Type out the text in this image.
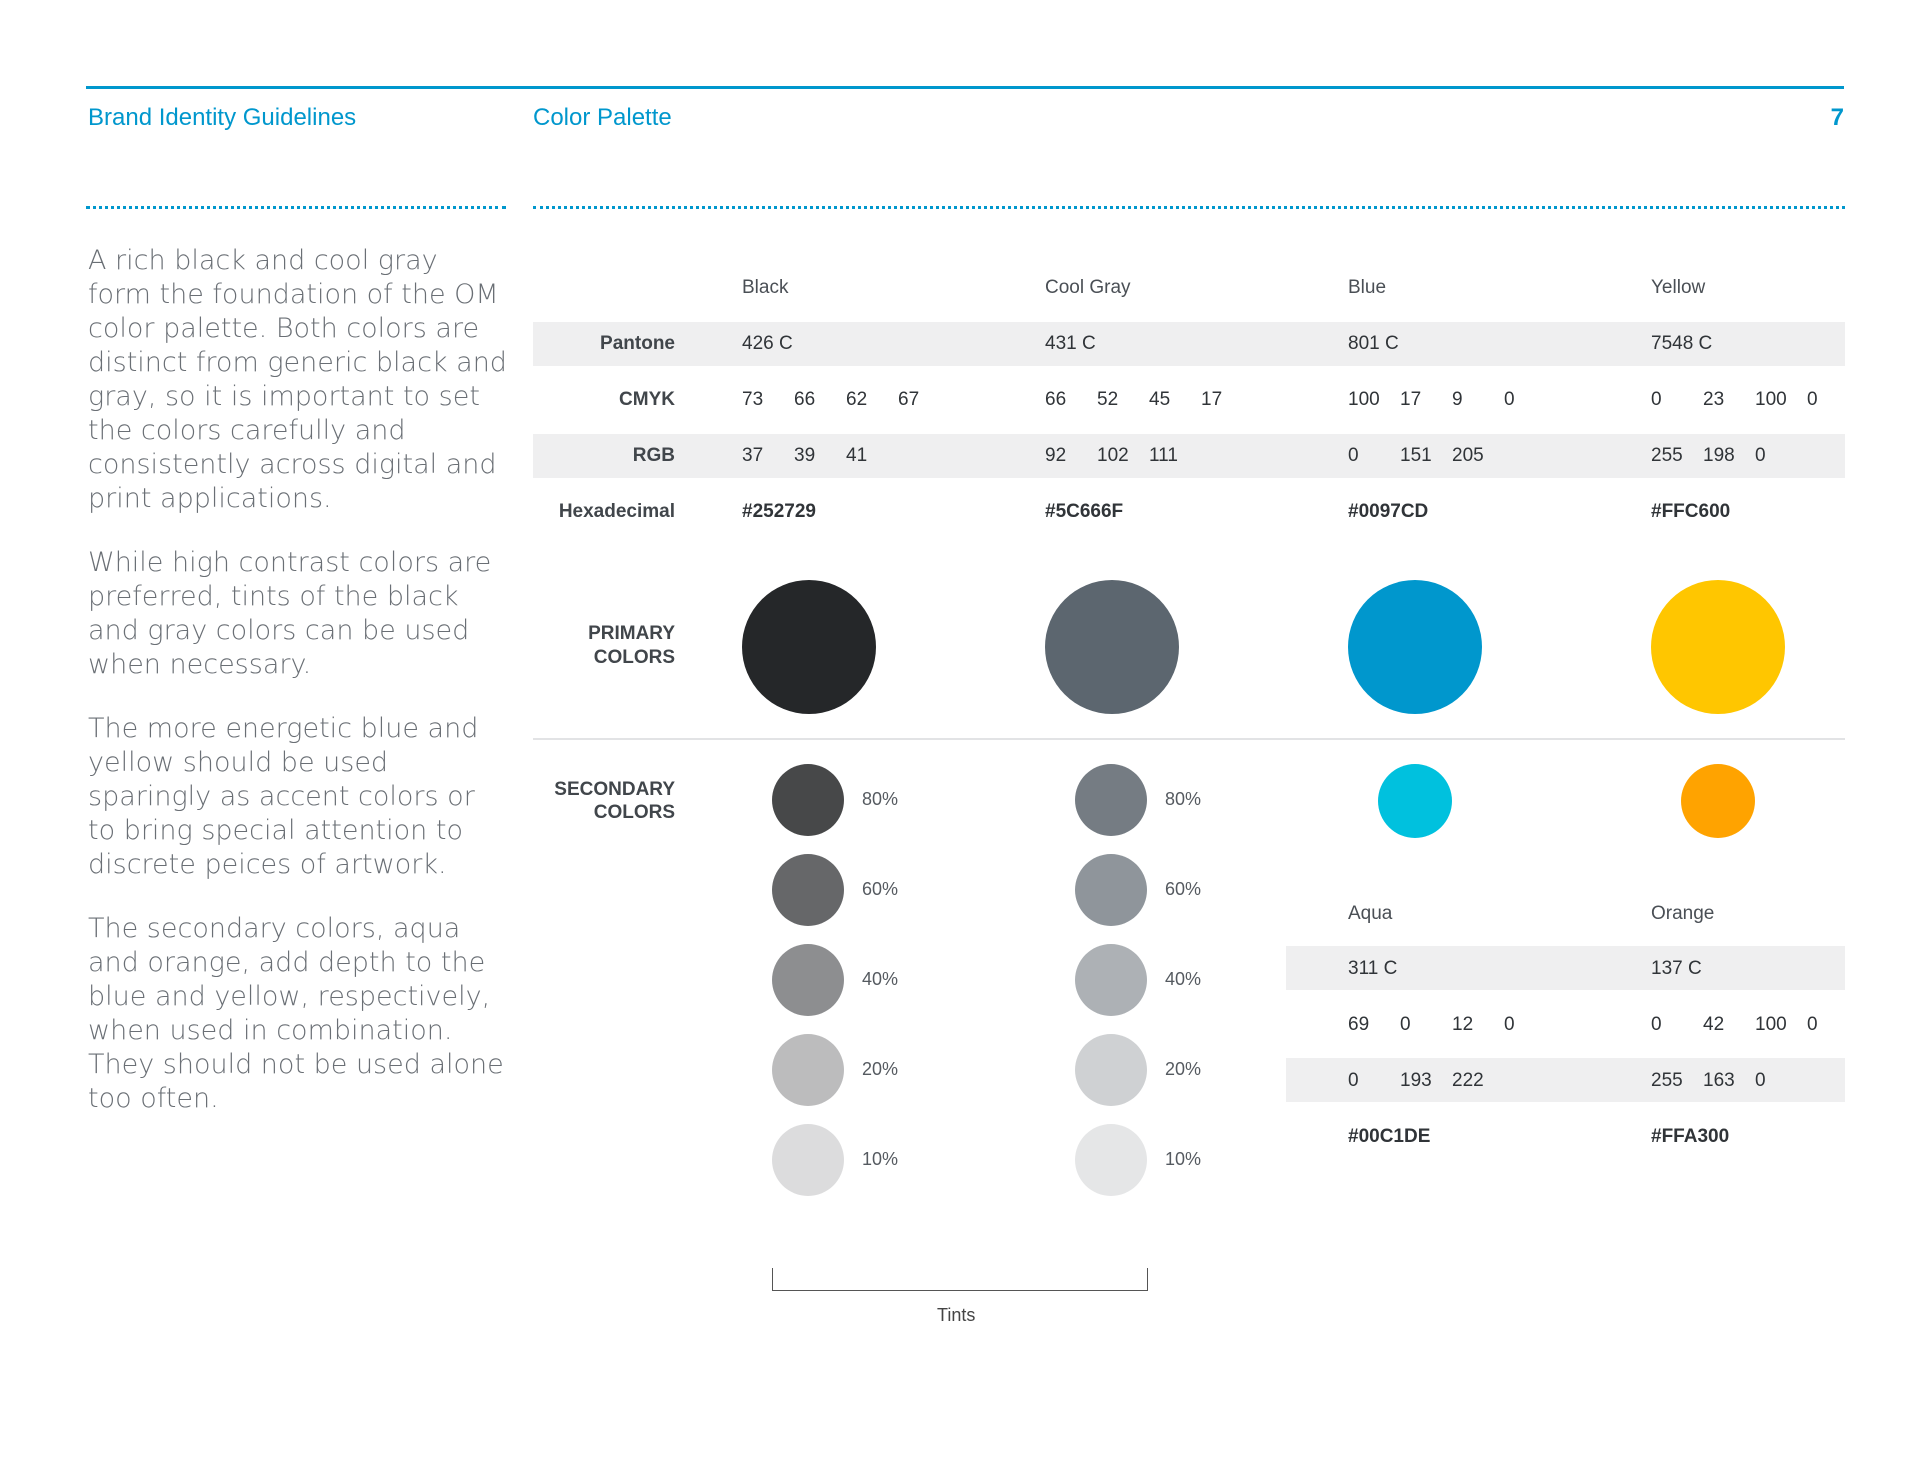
Brand Identity Guidelines	Color Palette	7

A rich black and cool gray form the foundation of the OM color palette. Both colors are distinct from generic black and gray, so it is important to set the colors carefully and consistently across digital and print applications.

While high contrast colors are preferred, tints of the black and gray colors can be used when necessary.

The more energetic blue and yellow should be used sparingly as accent colors or to bring special attention to discrete peices of artwork.

The secondary colors, aqua and orange, add depth to the blue and yellow, respectively, when used in combination. They should not be used alone too often.

Pantone
CMYK
RGB
Hexadecimal
PRIMARY
COLORS
SECONDARY
COLORS
Black
426 C
73 66 62 67
37 39 41
#252729
Cool Gray
431 C
66 52 45 17
92 102 111
#5C666F
Blue
801 C
100 17 9 0
0 151 205
#0097CD
Yellow
7548 C
0 23 100 0
255 198 0
#FFC600
80%
60%
40%
20%
10%
80%
60%
40%
20%
10%
Tints
Aqua
311 C
69 0 12 0
0 193 222
#00C1DE
Orange
137 C
0 42 100 0
255 163 0
#FFA300
